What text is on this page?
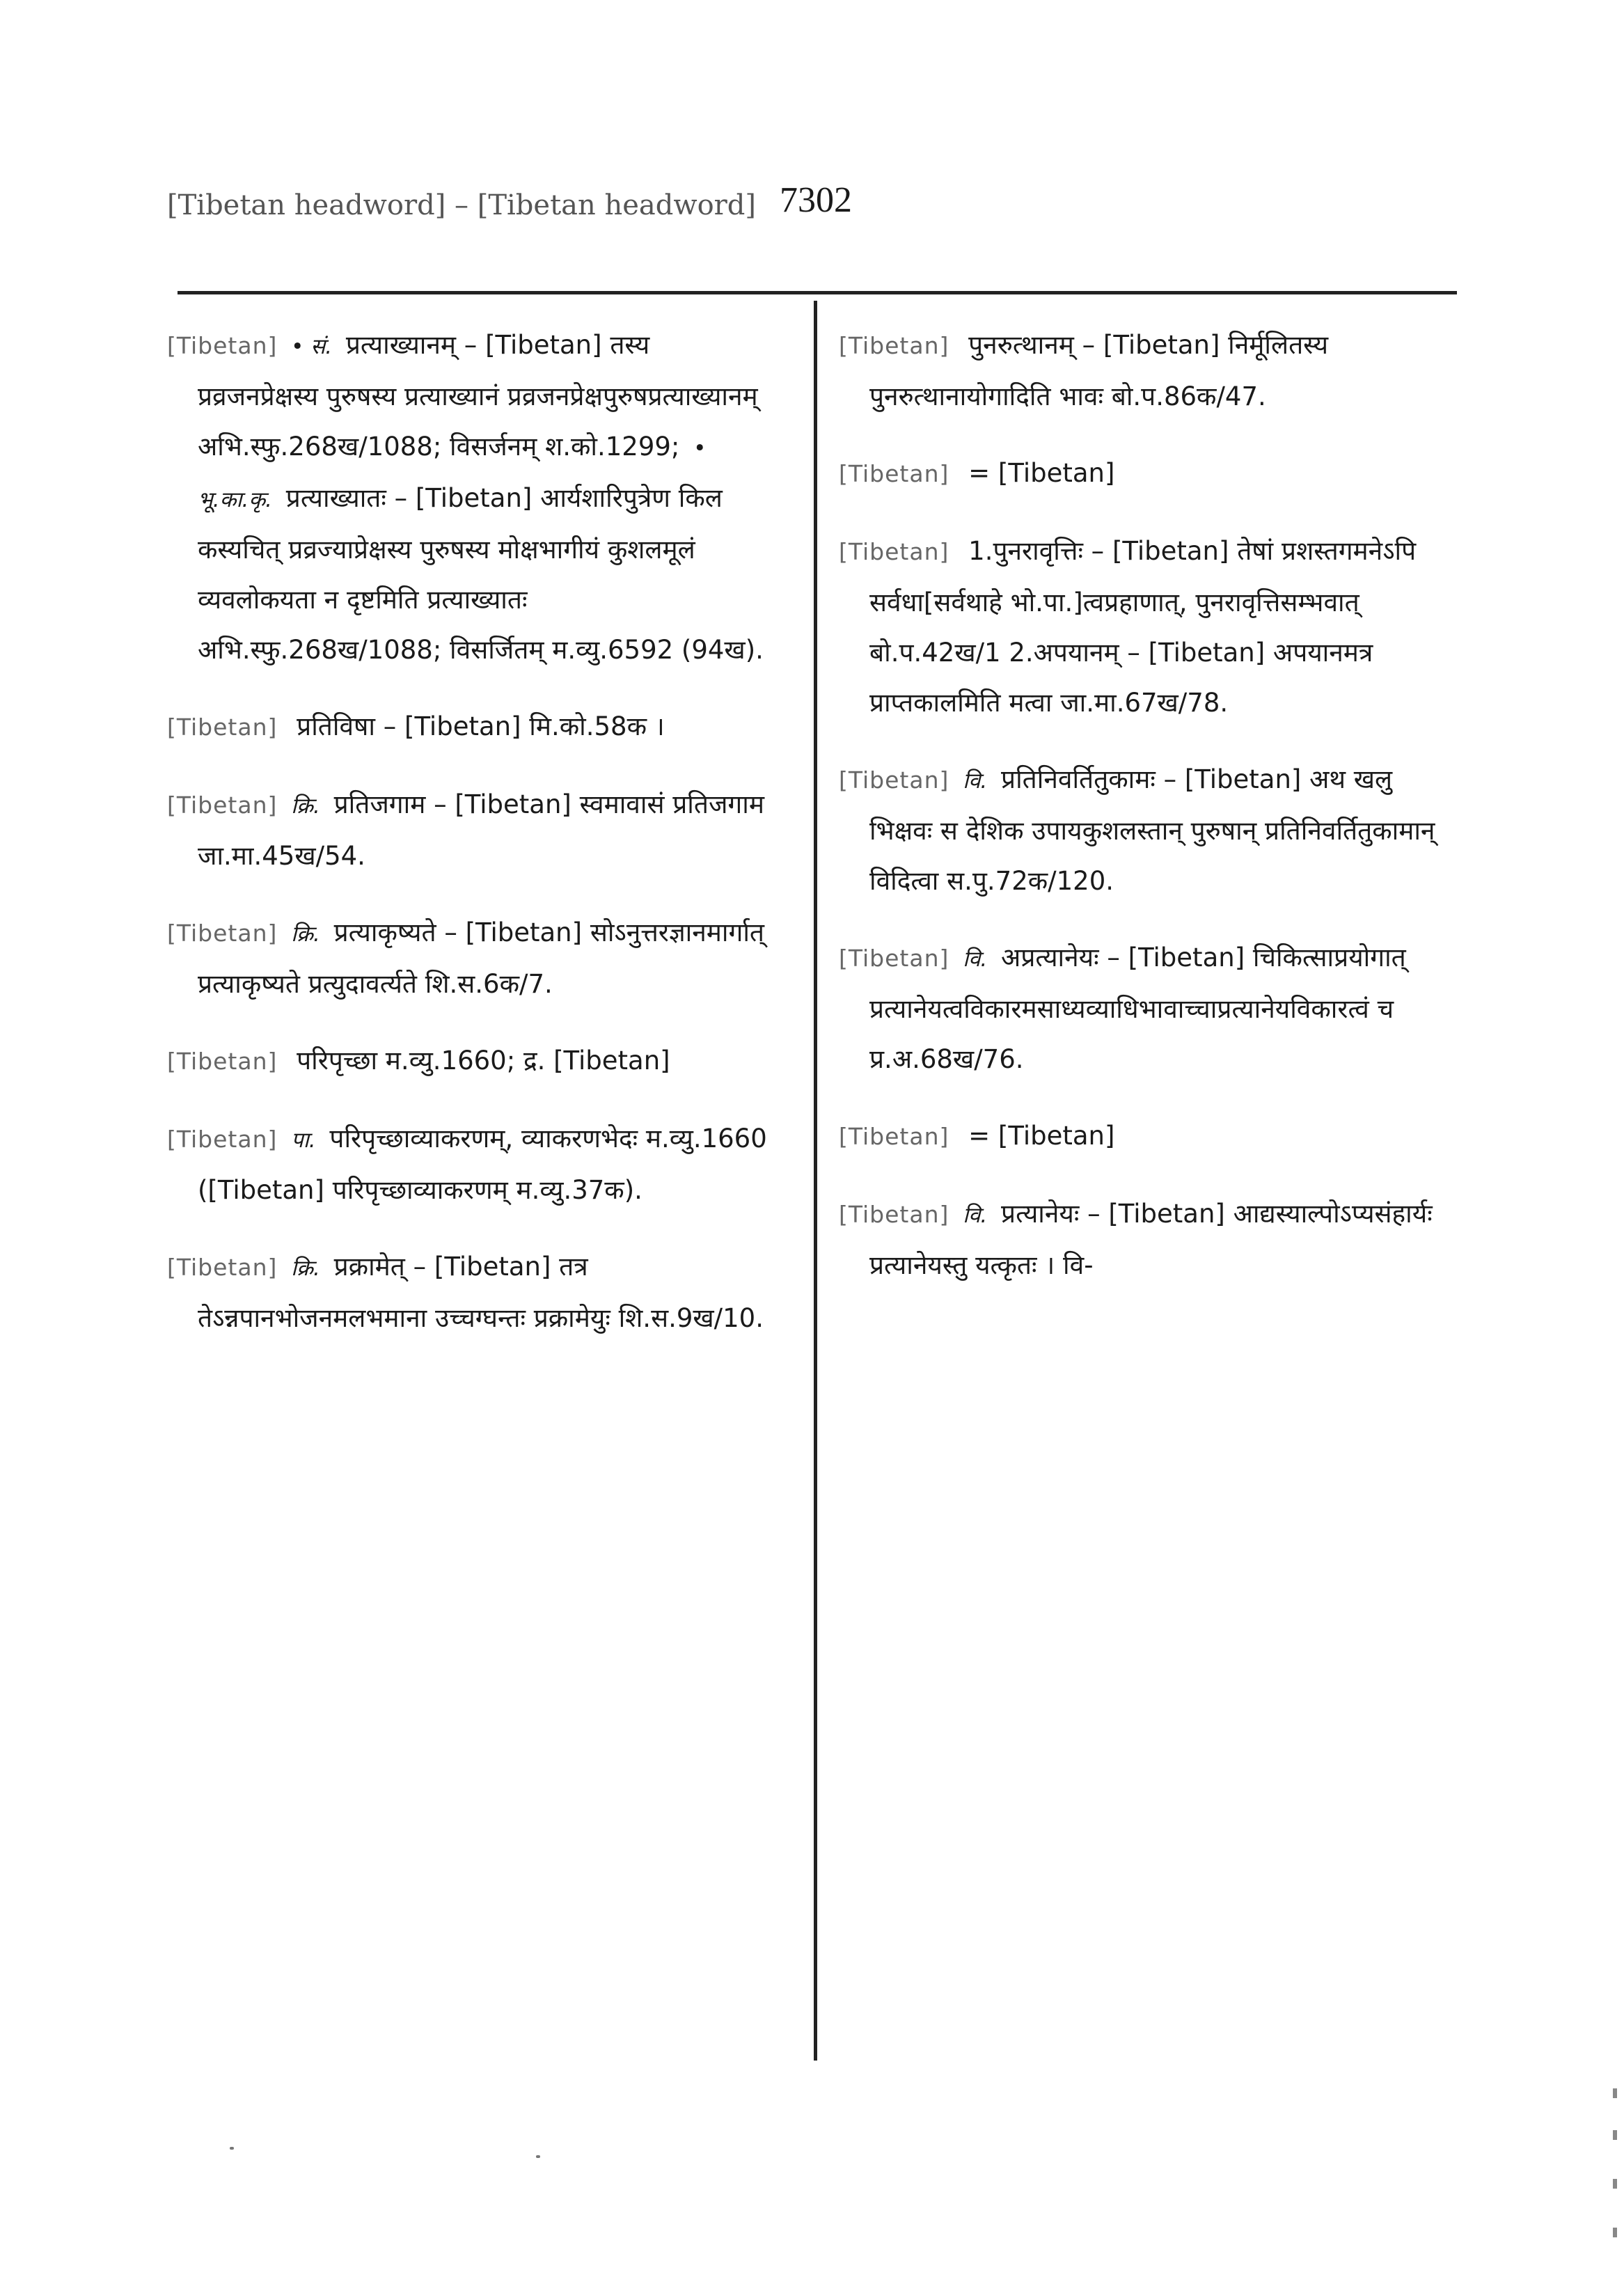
[Tibetan headword] – [Tibetan headword] 7302

[Tibetan] • सं. प्रत्याख्यानम् – [Tibetan] तस्य प्रव्रजनप्रेक्षस्य पुरुषस्य प्रत्याख्यानं प्रव्रजनप्रेक्षपुरुषप्रत्याख्यानम् अभि.स्फु.268ख/1088; विसर्जनम् श.को.1299; • भू.का.कृ. प्रत्याख्यातः – [Tibetan] आर्यशारिपुत्रेण किल कस्यचित् प्रव्रज्याप्रेक्षस्य पुरुषस्य मोक्षभागीयं कुशलमूलं व्यवलोकयता न दृष्टमिति प्रत्याख्यातः अभि.स्फु.268ख/1088; विसर्जितम् म.व्यु.6592 (94ख).

[Tibetan] प्रतिविषा – [Tibetan] मि.को.58क ।

[Tibetan] क्रि. प्रतिजगाम – [Tibetan] स्वमावासं प्रतिजगाम जा.मा.45ख/54.

[Tibetan] क्रि. प्रत्याकृष्यते – [Tibetan] सोऽनुत्तरज्ञानमार्गात् प्रत्याकृष्यते प्रत्युदावर्त्यते शि.स.6क/7.

[Tibetan] परिपृच्छा म.व्यु.1660; द्र. [Tibetan]

[Tibetan] पा. परिपृच्छाव्याकरणम्, व्याकरणभेदः म.व्यु.1660 ([Tibetan] परिपृच्छाव्याकरणम् म.व्यु.37क).

[Tibetan] क्रि. प्रक्रामेत् – [Tibetan] तत्र तेऽन्नपानभोजनमलभमाना उच्चग्घन्तः प्रक्रामेयुः शि.स.9ख/10.

[Tibetan] पुनरुत्थानम् – [Tibetan] निर्मूलितस्य पुनरुत्थानायोगादिति भावः बो.प.86क/47.

[Tibetan] = [Tibetan]

[Tibetan] 1.पुनरावृत्तिः – [Tibetan] तेषां प्रशस्तगमनेऽपि सर्वधा[सर्वथाहे भो.पा.]त्वप्रहाणात्, पुनरावृत्तिसम्भवात् बो.प.42ख/1 2.अपयानम् – [Tibetan] अपयानमत्र प्राप्तकालमिति मत्वा जा.मा.67ख/78.

[Tibetan] वि. प्रतिनिवर्तितुकामः – [Tibetan] अथ खलु भिक्षवः स देशिक उपायकुशलस्तान् पुरुषान् प्रतिनिवर्तितुकामान् विदित्वा स.पु.72क/120.

[Tibetan] वि. अप्रत्यानेयः – [Tibetan] चिकित्साप्रयोगात् प्रत्यानेयत्वविकारमसाध्यव्याधिभावाच्चाप्रत्यानेयविकारत्वं च प्र.अ.68ख/76.

[Tibetan] = [Tibetan]

[Tibetan] वि. प्रत्यानेयः – [Tibetan] आद्यस्याल्पोऽप्यसंहार्यः प्रत्यानेयस्तु यत्कृतः । वि-
